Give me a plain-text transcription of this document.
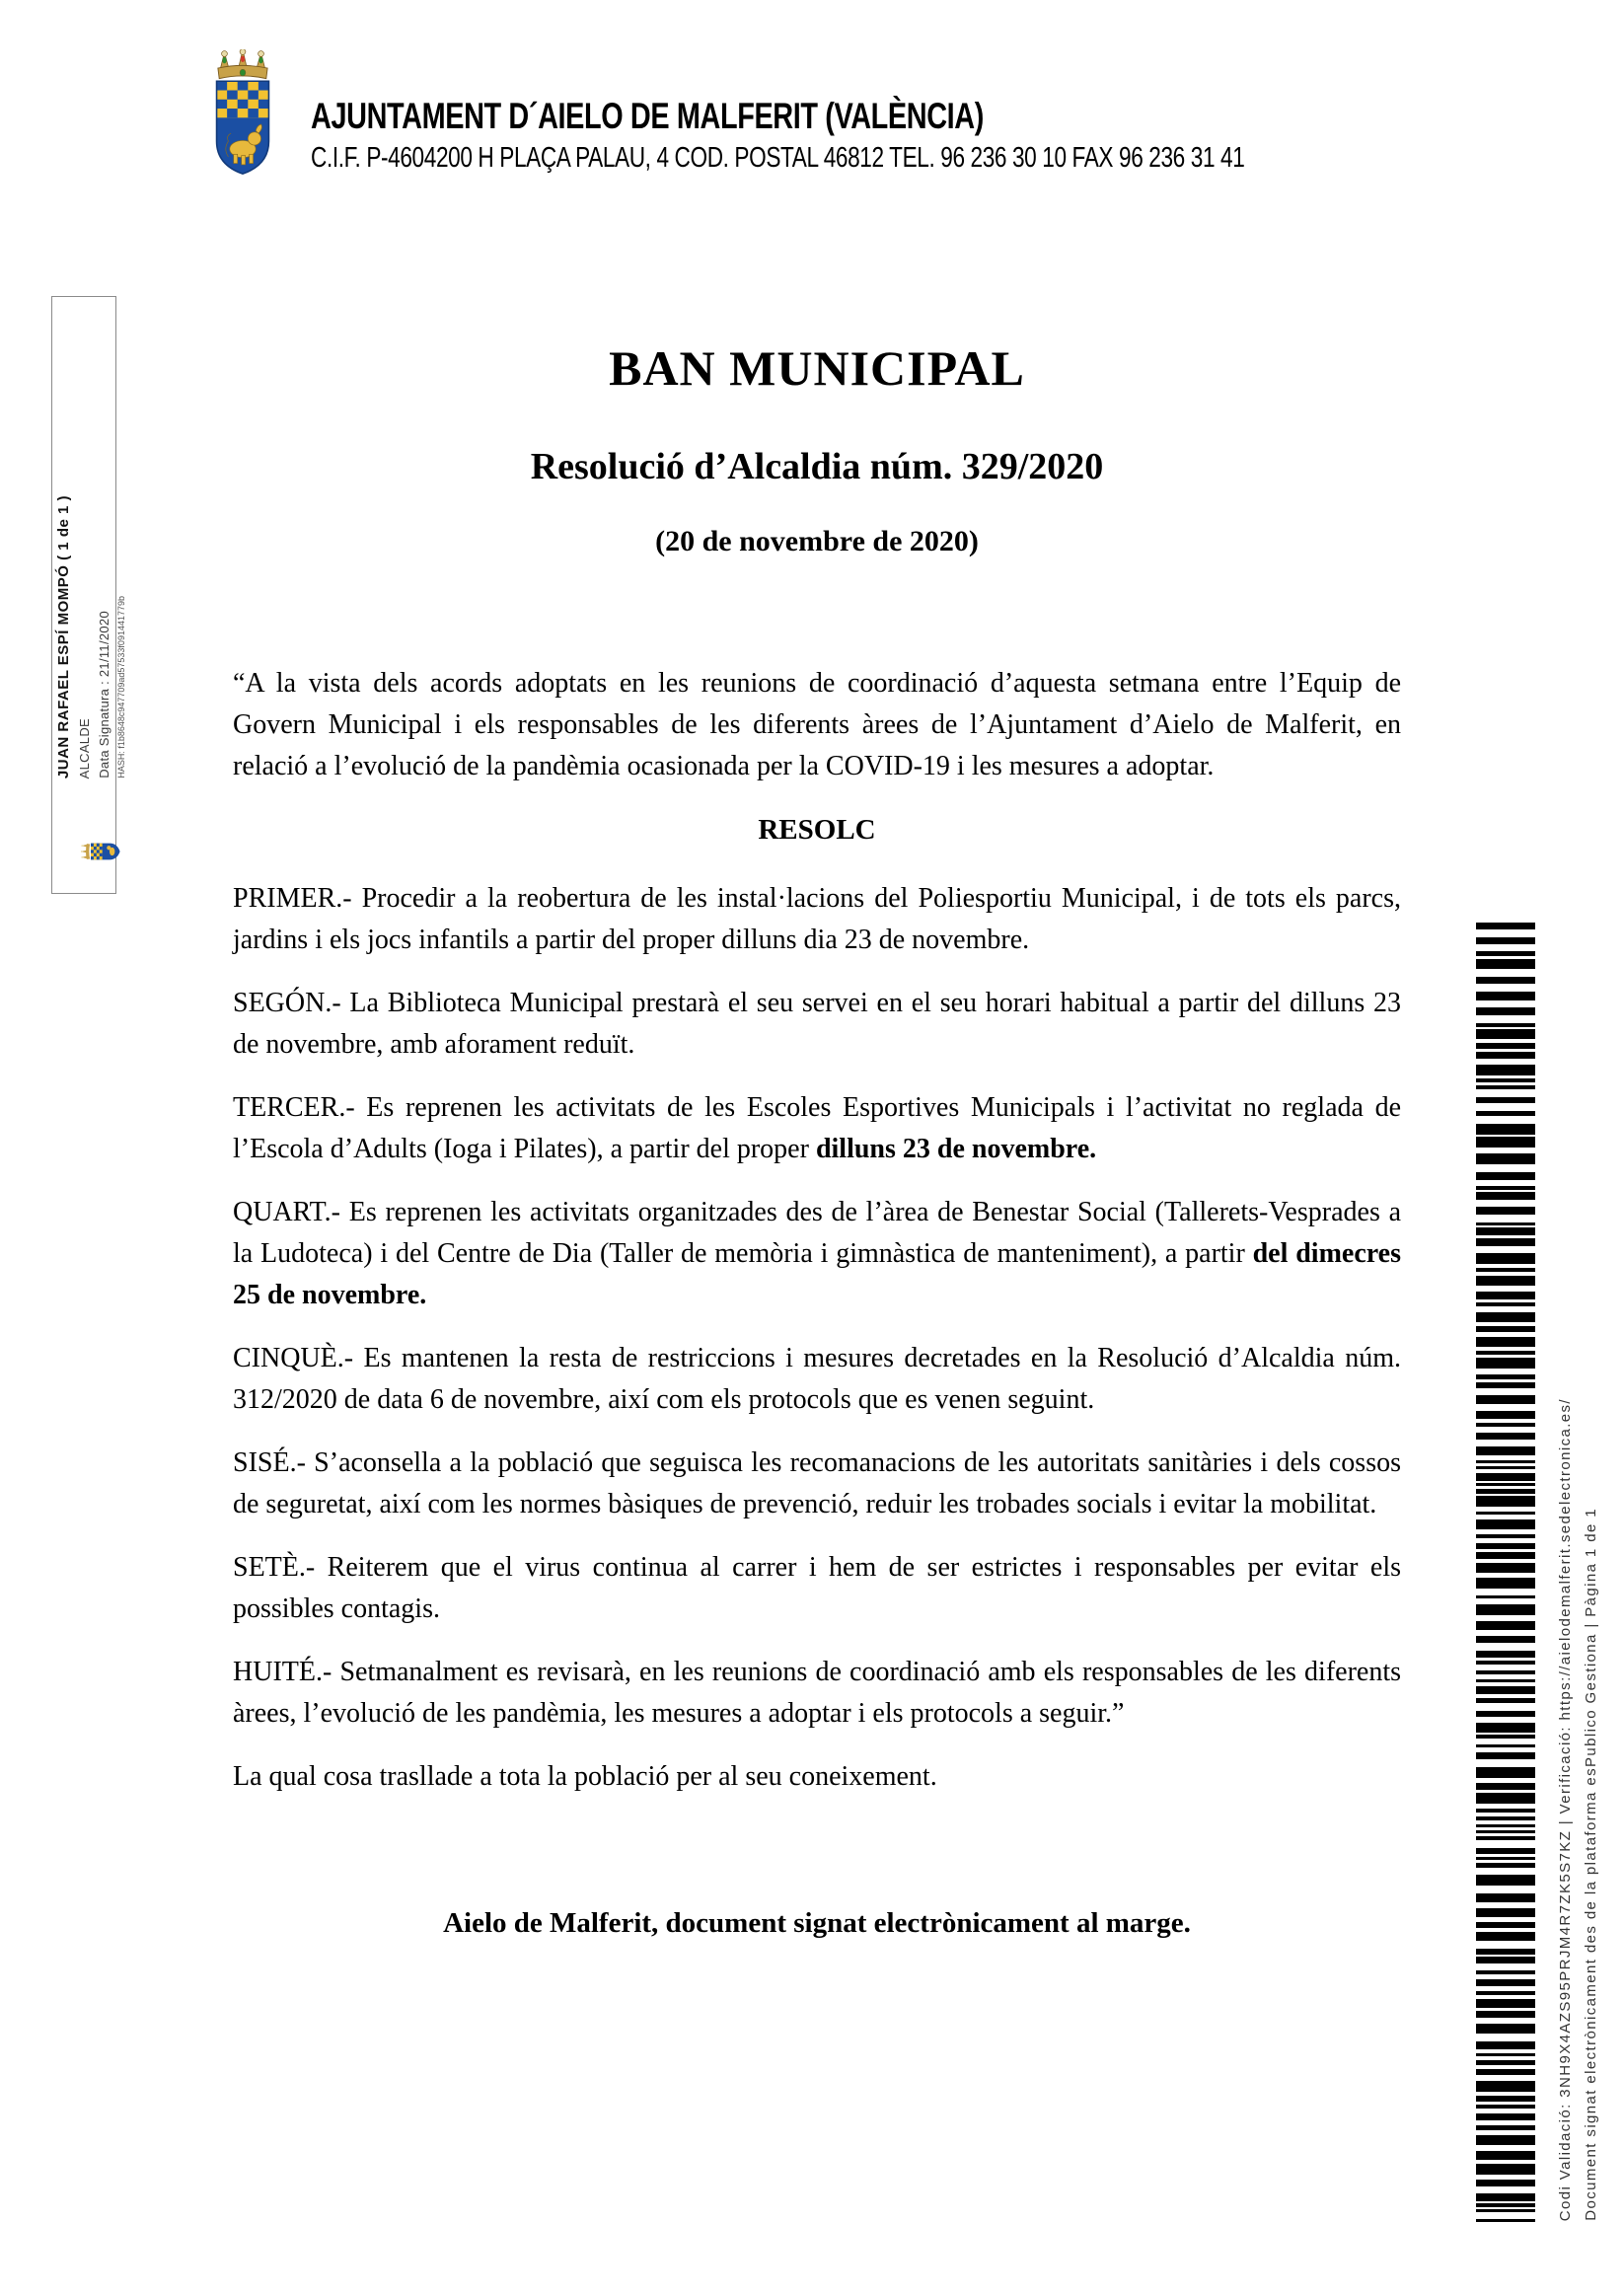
AJUNTAMENT D´AIELO DE MALFERIT (VALÈNCIA)
C.I.F. P-4604200 H PLAÇA PALAU, 4 COD. POSTAL 46812 TEL. 96 236 30 10 FAX 96 236 31 41
JUAN RAFAEL ESPÍ MOMPÓ ( 1 de 1 ) ALCALDE Data Signatura : 21/11/2020 HASH: f1b8648c947709ad57533f091441779b
BAN MUNICIPAL
Resolució d’Alcaldia núm. 329/2020
(20 de novembre de 2020)

“A la vista dels acords adoptats en les reunions de coordinació d’aquesta setmana entre l’Equip de Govern Municipal i els responsables de les diferents àrees de l’Ajuntament d’Aielo de Malferit, en relació a l’evolució de la pandèmia ocasionada per la COVID-19 i les mesures a adoptar.

RESOLC

PRIMER.- Procedir a la reobertura de les instal·lacions del Poliesportiu Municipal, i de tots els parcs, jardins i els jocs infantils a partir del proper dilluns dia 23 de novembre.

SEGÓN.- La Biblioteca Municipal prestarà el seu servei en el seu horari habitual a partir del dilluns 23 de novembre, amb aforament reduït.

TERCER.- Es reprenen les activitats de les Escoles Esportives Municipals i l’activitat no reglada de l’Escola d’Adults (Ioga i Pilates), a partir del proper dilluns 23 de novembre.

QUART.- Es reprenen les activitats organitzades des de l’àrea de Benestar Social (Tallerets-Vesprades a la Ludoteca) i del Centre de Dia (Taller de memòria i gimnàstica de manteniment), a partir del dimecres 25 de novembre.

CINQUÈ.- Es mantenen la resta de restriccions i mesures decretades en la Resolució d’Alcaldia núm. 312/2020 de data 6 de novembre, així com els protocols que es venen seguint.

SISÉ.- S’aconsella a la població que seguisca les recomanacions de les autoritats sanitàries i dels cossos de seguretat, així com les normes bàsiques de prevenció, reduir les trobades socials i evitar la mobilitat.

SETÈ.- Reiterem que el virus continua al carrer i hem de ser estrictes i responsables per evitar els possibles contagis.

HUITÉ.- Setmanalment es revisarà, en les reunions de coordinació amb els responsables de les diferents àrees, l’evolució de les pandèmia, les mesures a adoptar i els protocols a seguir.”

La qual cosa trasllade a tota la població per al seu coneixement.

Aielo de Malferit, document signat electrònicament al marge.	Codi Validació: 3NH9X4AZS95PRJM4R7ZK5S7KZ | Verificació: https://aielodemalferit.sedelectronica.es/ Document signat electrònicament des de la plataforma esPublico Gestiona | Pàgina 1 de 1
